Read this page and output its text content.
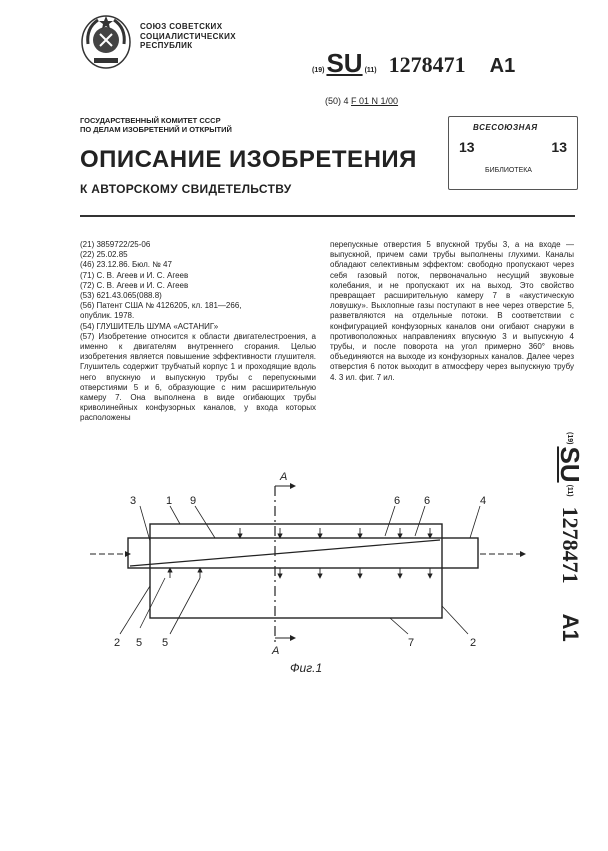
СОЮЗ СОВЕТСКИХ
СОЦИАЛИСТИЧЕСКИХ
РЕСПУБЛИК
(19) SU (11) 1278471 A1
(50) 4 F 01 N 1/00
ГОСУДАРСТВЕННЫЙ КОМИТЕТ СССР
ПО ДЕЛАМ ИЗОБРЕТЕНИЙ И ОТКРЫТИЙ	ВСЕСОЮЗНАЯ
13	13
БИБЛИОТЕКА
ОПИСАНИЕ ИЗОБРЕТЕНИЯ
К АВТОРСКОМУ СВИДЕТЕЛЬСТВУ
(21) 3859722/25-06
(22) 25.02.85
(46) 23.12.86. Бюл. № 47
(71) С. В. Агеев и И. С. Агеев
(72) С. В. Агеев и И. С. Агеев
(53) 621.43.065(088.8)
(56) Патент США № 4126205, кл. 181—266,
опублик. 1978.
(54) ГЛУШИТЕЛЬ ШУМА «АСТАНИГ»
(57) Изобретение относится к области двигателестроения, а именно к двигателям внутреннего сгорания. Целью изобретения является повышение эффективности глушителя. Глушитель содержит трубчатый корпус 1 и проходящие вдоль него впускную и выпускную трубы с перепускными отверстиями 5 и 6, образующие с ним расширительную камеру 7. Она выполнена в виде огибающих трубы криволинейных конфузорных каналов, у входа которых расположены
перепускные отверстия 5 впускной трубы 3, а на входе — выпускной, причем сами трубы выполнены глухими. Каналы обладают селективным эффектом: свободно пропускают через себя газовый поток, первоначально несущий звуковые колебания, и не пропускают их на выход. Это свойство превращает расширительную камеру 7 в «акустическую ловушку». Выхлопные газы поступают в нее через отверстие 5, разветвляются на отдельные потоки. В соответствии с конфигурацией конфузорных каналов они огибают снаружи в противоположных направлениях впускную 3 и выпускную 4 трубы, и после поворота на угол примерно 360° вновь объединяются на выходе из конфузорных каналов. Далее через отверстия 6 поток выходит в атмосферу через выпускную трубу 4. 3 ил. фиг. 7 ил.
(19)
SU
(11)
1278471
A1
А
А
3	1 9	6 6	4
2 5 5	7	2
Фиг.1
